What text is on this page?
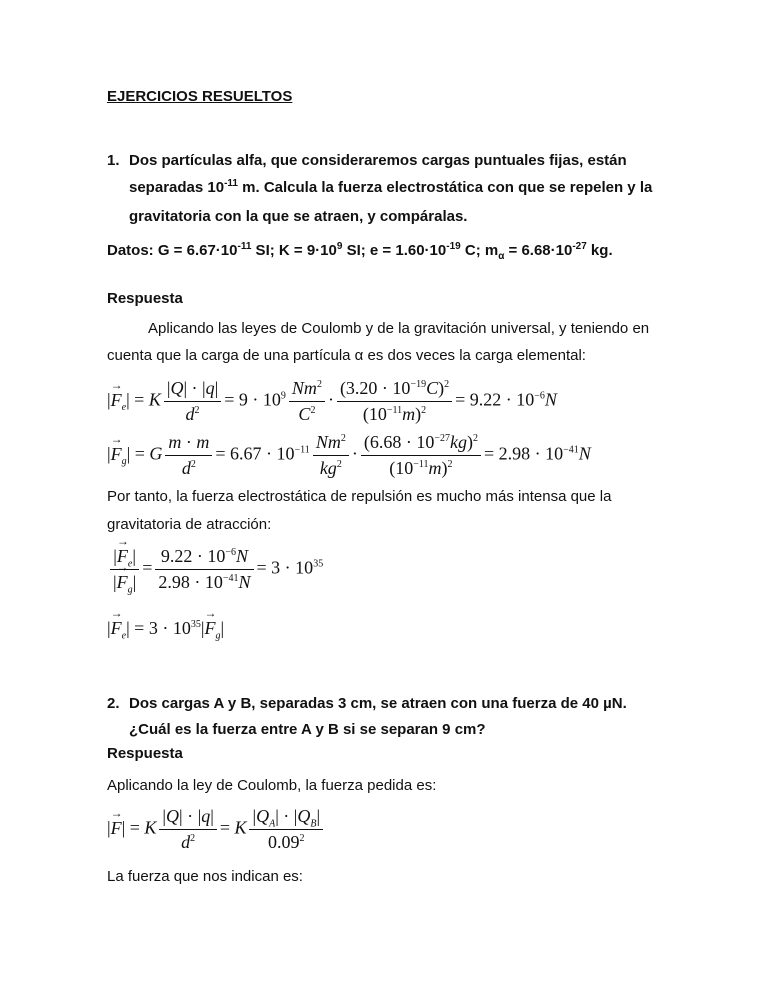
EJERCICIOS RESUELTOS
1. Dos partículas alfa, que consideraremos cargas puntuales fijas, están
separadas $10^{-11}$ m. Calcula la fuerza electrostática con que se repelen y la
gravitatoria con la que se atraen, y compáralas.
Datos: $G = 6.67\cdot 10^{-11}$ SI; $K = 9\cdot 10^9$ SI; $e = 1.60\cdot 10^{-19}$ C; $m_\alpha = 6.68\cdot 10^{-27}$ kg.
Respuesta
Aplicando las leyes de Coulomb y de la gravitación universal, y teniendo en
cuenta que la carga de una partícula α es dos veces la carga elemental:
|→ $F_e| = K \frac{|Q| \cdot |q|}{d^2} = 9 \cdot 10^9 \frac{Nm^2}{C^2} \cdot \frac{(3.20 \cdot 10^{-19}C)^2}{(10^{-11}m)^2} = 9.22 \cdot 10^{-6}N$
|→ $F_g| = G \frac{m \cdot m}{d^2} = 6.67 \cdot 10^{-11} \frac{Nm^2}{kg^2} \cdot \frac{(6.68 \cdot 10^{-27}kg)^2}{(10^{-11}m)^2} = 2.98 \cdot 10^{-41}N$
Por tanto, la fuerza electrostática de repulsión es mucho más intensa que la
gravitatoria de atracción:
$\frac{|\to F_e|}{|\to F_g|} = \frac{9.22 \cdot 10^{-6}N}{2.98 \cdot 10^{-41}N} = 3 \cdot 10^{35}$
|→ $F_e| = 3 \cdot 10^{35}|\to F_g|$
2. Dos cargas A y B, separadas 3 cm, se atraen con una fuerza de 40 µN.
¿Cuál es la fuerza entre A y B si se separan 9 cm?
Respuesta
Aplicando la ley de Coulomb, la fuerza pedida es:
|→ F| = K $\frac{|Q| \cdot |q|}{d^2} = K \frac{|Q_A| \cdot |Q_B|}{0.09^2}$
La fuerza que nos indican es:
